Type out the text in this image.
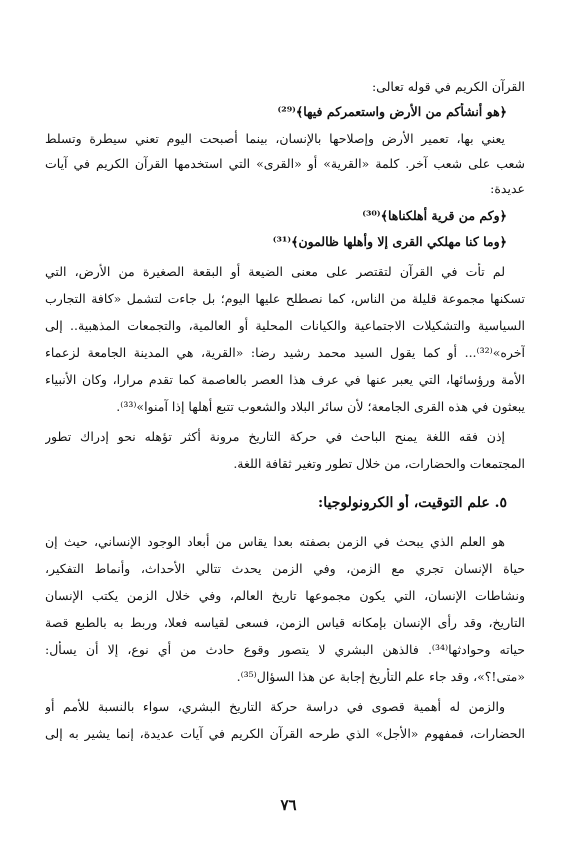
القرآن الكريم في قوله تعالى:
﴿هو أنشأكم من الأرض واستعمركم فيها﴾⁽²⁹⁾
يعني بها، تعمير الأرض وإصلاحها بالإنسان، بينما أصبحت اليوم تعني سيطرة وتسلط
شعب على شعب آخر. كلمة «القرية» أو «القرى» التي استخدمها القرآن الكريم في آيات
عديدة:
﴿وكم من قرية أهلكناها﴾⁽³⁰⁾
﴿وما كنا مهلكي القرى إلا وأهلها ظالمون﴾⁽³¹⁾
لم تأت في القرآن لتقتصر على معنى الضيعة أو البقعة الصغيرة من الأرض، التي
تسكنها مجموعة قليلة من الناس، كما نصطلح عليها اليوم؛ بل جاءت لتشمل «كافة التجارب
السياسية والتشكيلات الاجتماعية والكيانات المحلية أو العالمية، والتجمعات المذهبية.. إلى
آخره»⁽³²⁾... أو كما يقول السيد محمد رشيد رضا: «القرية، هي المدينة الجامعة لزعماء
الأمة ورؤسائها، التي يعبر عنها في عرف هذا العصر بالعاصمة كما تقدم مرارا، وكان الأنبياء
يبعثون في هذه القرى الجامعة؛ لأن سائر البلاد والشعوب تتبع أهلها إذا آمنوا»⁽³³⁾.
إذن فقه اللغة يمنح الباحث في حركة التاريخ مرونة أكثر تؤهله نحو إدراك تطور
المجتمعات والحضارات، من خلال تطور وتغير ثقافة اللغة.
٥. علم التوقيت، أو الكرونولوجيا:
هو العلم الذي يبحث في الزمن بصفته بعدا يقاس من أبعاد الوجود الإنساني، حيث إن
حياة الإنسان تجري مع الزمن، وفي الزمن يحدث تتالي الأحداث، وأنماط التفكير،
ونشاطات الإنسان، التي يكون مجموعها تاريخ العالم، وفي خلال الزمن يكتب الإنسان
التاريخ، وقد رأى الإنسان بإمكانه قياس الزمن، فسعى لقياسه فعلا، وربط به بالطبع قصة
حياته وحوادثها⁽³⁴⁾. فالذهن البشري لا يتصور وقوع حادث من أي نوع، إلا أن يسأل:
«متى!؟»، وقد جاء علم التأريخ إجابة عن هذا السؤال⁽³⁵⁾.
والزمن له أهمية قصوى في دراسة حركة التاريخ البشري، سواء بالنسبة للأمم أو
الحضارات، فمفهوم «الأجل» الذي طرحه القرآن الكريم في آيات عديدة، إنما يشير به إلى
٧٦
